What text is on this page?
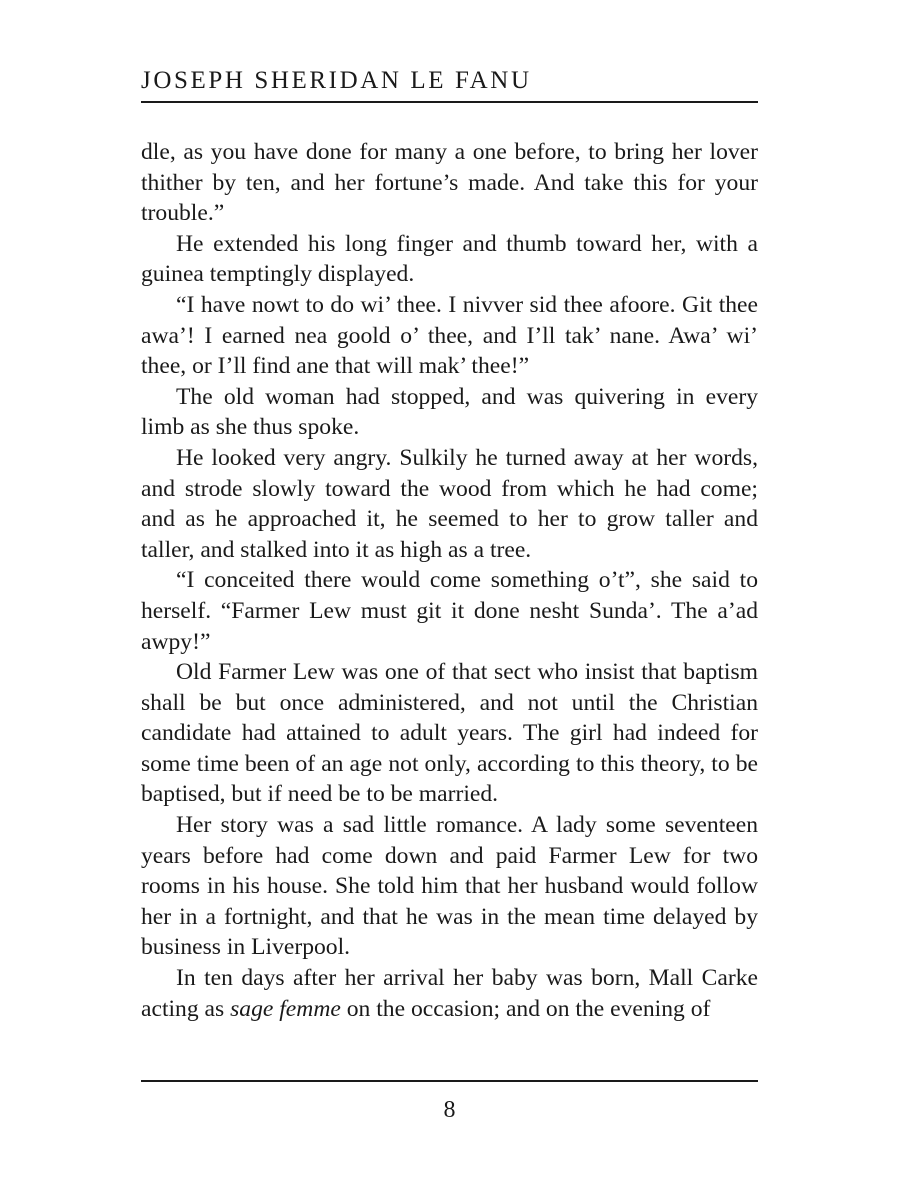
JOSEPH SHERIDAN LE FANU

dle, as you have done for many a one before, to bring her lover thither by ten, and her fortune’s made. And take this for your trouble.”

He extended his long finger and thumb toward her, with a guinea temptingly displayed.

“I have nowt to do wi’ thee. I nivver sid thee afoore. Git thee awa’! I earned nea goold o’ thee, and I’ll tak’ nane. Awa’ wi’ thee, or I’ll find ane that will mak’ thee!”

The old woman had stopped, and was quivering in every limb as she thus spoke.

He looked very angry. Sulkily he turned away at her words, and strode slowly toward the wood from which he had come; and as he approached it, he seemed to her to grow taller and taller, and stalked into it as high as a tree.

“I conceited there would come something o’t”, she said to herself. “Farmer Lew must git it done nesht Sunda’. The a’ad awpy!”

Old Farmer Lew was one of that sect who insist that baptism shall be but once administered, and not until the Christian candidate had attained to adult years. The girl had indeed for some time been of an age not only, according to this theory, to be baptised, but if need be to be married.

Her story was a sad little romance. A lady some seventeen years before had come down and paid Farmer Lew for two rooms in his house. She told him that her husband would follow her in a fortnight, and that he was in the mean time delayed by business in Liverpool.

In ten days after her arrival her baby was born, Mall Carke acting as sage femme on the occasion; and on the evening of

8
